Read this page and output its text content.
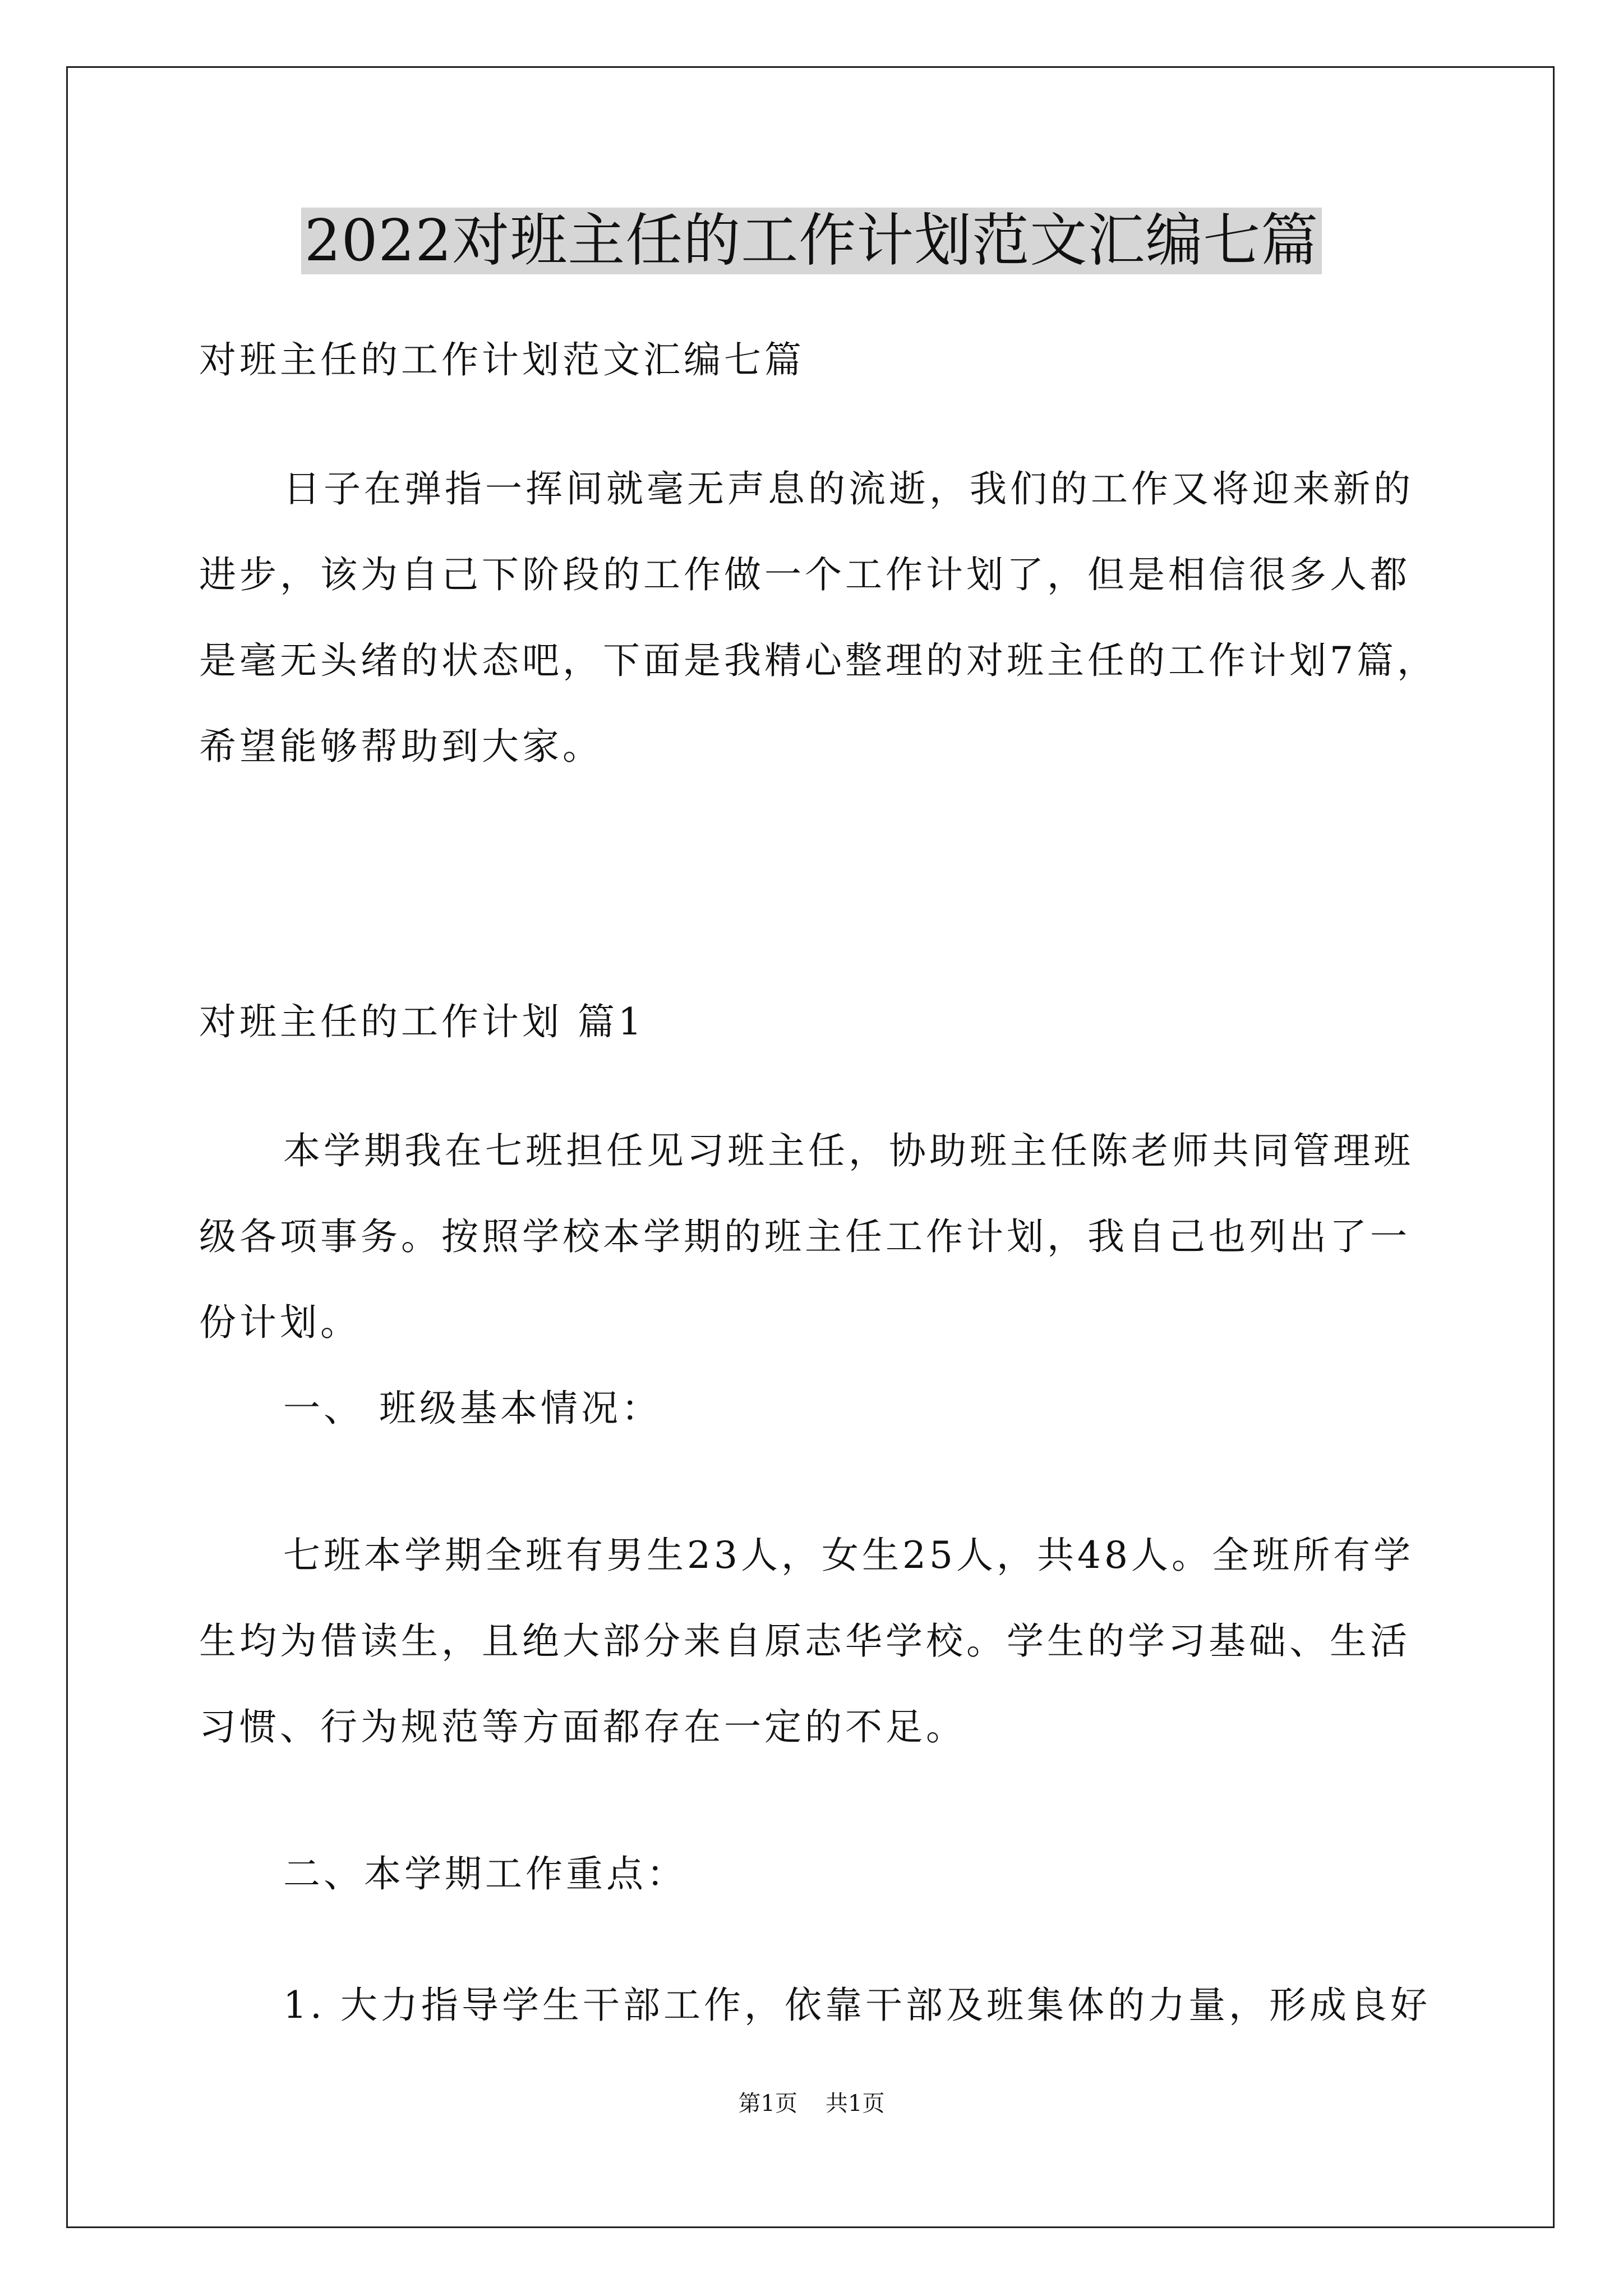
2022对班主任的工作计划范文汇编七篇

对班主任的工作计划范文汇编七篇

日子在弹指一挥间就毫无声息的流逝，我们的工作又将迎来新的

进步，该为自己下阶段的工作做一个工作计划了，但是相信很多人都

是毫无头绪的状态吧，下面是我精心整理的对班主任的工作计划7篇，

希望能够帮助到大家。

对班主任的工作计划 篇1

本学期我在七班担任见习班主任，协助班主任陈老师共同管理班

级各项事务。按照学校本学期的班主任工作计划，我自己也列出了一

份计划。

一、 班级基本情况：

七班本学期全班有男生23人，女生25人，共48人。全班所有学

生均为借读生，且绝大部分来自原志华学校。学生的学习基础、生活

习惯、行为规范等方面都存在一定的不足。

二、本学期工作重点：

1. 大力指导学生干部工作，依靠干部及班集体的力量，形成良好

第1页 共1页
